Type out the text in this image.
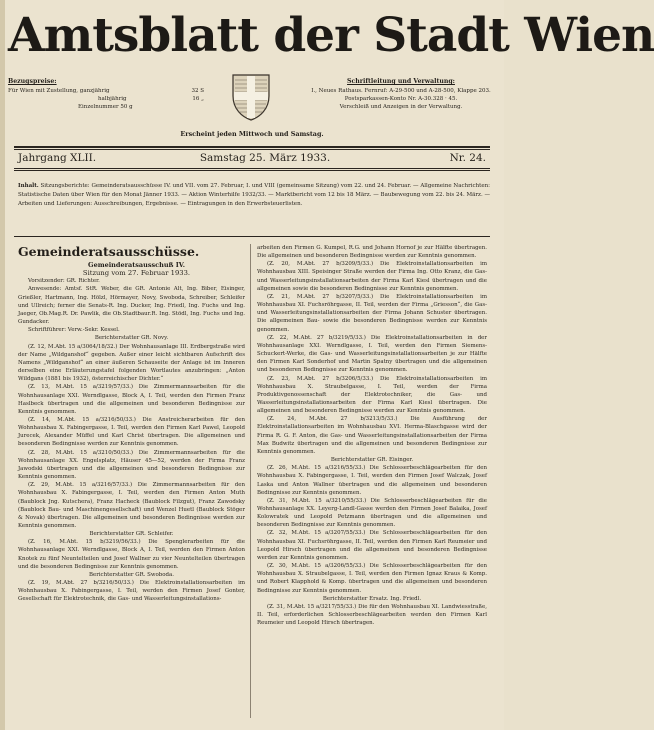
Amtsblatt der Stadt Wien
Bezugspreise:
Für Wien mit Zustellung, ganzjährig	32 S
halbjährig	16 „
Einzelnummer 50 g
Schriftleitung und Verwaltung:
I., Neues Rathaus. Fernruf: A-29-500 und A-28-500, Klappe 203.
Postsparkassen-Konto Nr. A-30.328 · 45.
Verschleiß und Anzeigen in der Verwaltung.
Erscheint jeden Mittwoch und Samstag.
Jahrgang XLII.	Samstag 25. März 1933.	Nr. 24.
Inhalt. Sitzungsberichte: Gemeinderatsausschüsse IV. und VII. vom 27. Februar, I. und VIII (gemeinsame Sitzung) vom 22. und 24. Februar. — Allgemeine Nachrichten: Statistische Daten über Wien für den Monat Jänner 1933. — Aktion Winterhilfe 1932/33. — Marktbericht vom 12 bis 18 März. — Baubewegung vom 22. bis 24. März. — Arbeiten und Lieferungen: Ausschreibungen, Ergebnisse. — Eintragungen in den Erwerbsteuerlisten.
Gemeinderatsausschüsse.

Gemeinderatsausschuß IV.

Sitzung vom 27. Februar 1933.

Vorsitzender: GR. Richter.

Anwesende: Amtsf. StR. Weber, die GR. Antonie Alt, Ing. Biber, Eisinger, Grießler, Hartmann, Ing. Hölzl, Hörmayer, Novy, Swoboda, Schreiber, Schleifer und Ullreich; ferner die Senats-R. Ing. Ducker, Ing. Friedl, Ing. Fuchs und Ing. Jaeger, Ob.Mag.R. Dr. Pawlik, die Ob.Stadtbaur.R. Ing. Stödl, Ing. Fuchs und Ing. Gundacker.

Schriftführer: Verw.-Sekr. Kessel.

Berichterstatter GR. Novy.

(Z. 12, M.Abt. 15 a/3064/18/32.) Der Wohnhausanlage III. Erdbergstraße wird der Name „Wildganshof“ gegeben. Außer einer leicht sichtbaren Aufschrift des Namens „Wildganshof“ an einer äußeren Schauseite der Anlage ist im Inneren derselben eine Erläuterungstafel folgenden Wortlautes anzubringen: „Anton Wildgans (1881 bis 1932), österreichischer Dichter.“

(Z. 13, M.Abt. 15 a/3219/57/33.) Die Zimmermannsarbeiten für die Wohnhausanlage XXI. Werndlgasse, Block A, I. Teil, werden den Firmen Franz Haslbeck übertragen und die allgemeinen und besonderen Bedingnisse zur Kenntnis genommen.

(Z. 14, M.Abt. 15 a/3216/50/33.) Die Anstreicherarbeiten für den Wohnhausbau X. Fabingergasse, I. Teil, werden den Firmen Karl Pawel, Leopold Jurecek, Alexander Müffel und Karl Christ übertragen. Die allgemeinen und besonderen Bedingnisse werden zur Kenntnis genommen.

(Z. 28, M.Abt. 15 a/3210/50/33.) Die Zimmermannsarbeiten für die Wohnhausanlage XX. Engelsplatz, Häuser 45—52, werden der Firma Franz Jawodski übertragen und die allgemeinen und besonderen Bedingnisse zur Kenntnis genommen.

(Z. 29, M.Abt. 15 a/3216/57/33.) Die Zimmermannsarbeiten für den Wohnhausbau X. Fabingergasse, I. Teil, werden den Firmen Anton Muth (Baublock Jng. Kutschera), Franz Hacheck (Baublock Filzgut), Franz Zawodsky (Baublock Bau- und Maschinengesellschaft) und Wenzel Huetl (Baublock Stöger & Novak) übertragen. Die allgemeinen und besonderen Bedingnisse werden zur Kenntnis genommen.

Berichterstatter GR. Schleifer.

(Z. 16, M.Abt. 15 b/3219/56/33.) Die Spenglerarbeiten für die Wohnhausanlage XXI. Werndlgasse, Block A, I. Teil, werden den Firmen Anton Knotek zu fünf Neuntelteilen und Josef Wallner zu vier Neuntelteilen übertragen und die besonderen Bedingnisse zur Kenntnis genommen.

Berichterstatter GR. Swoboda.

(Z. 19, M.Abt. 27 b/3216/50/33.) Die Elektroinstallationsarbeiten im Wohnhausbau X. Fabingergasse, I. Teil, werden den Firmen Josef Gonter, Gesellschaft für Elektrotechnik, die Gas- und Wasserleitungsinstallations-

arbeiten den Firmen G. Kumpel, R.G. und Johann Hornof je zur Hälfte übertragen. Die allgemeinen und besonderen Bedingnisse werden zur Kenntnis genommen.

(Z. 20, M.Abt. 27 b/3209/5/33.) Die Elektroinstallationsarbeiten im Wohnhausbau XIII. Speisinger Straße werden der Firma Ing. Otto Kranz, die Gas- und Wasserleitungsinstallationsarbeiten der Firma Karl Kiesl übertragen und die allgemeinen sowie die besonderen Bedingnisse zur Kenntnis genommen.

(Z. 21, M.Abt. 27 b/3207/5/33.) Die Elektroinstallationsarbeiten im Wohnhausbau XI. Fuchsröhrgasse, II. Teil, werden der Firma „Griesson“, die Gas- und Wasserleitungsinstallationsarbeiten der Firma Johann Schuster übertragen. Die allgemeinen Bau- sowie die besonderen Bedingnisse werden zur Kenntnis genommen.

(Z. 22, M.Abt. 27 b/3219/5/33.) Die Elektroinstallationsarbeiten in der Wohnhausanlage XXI. Werndlgasse, I. Teil, werden den Firmen Siemens-Schuckert-Werke, die Gas- und Wasserleitungsinstallationsarbeiten je zur Hälfte den Firmen Karl Sonderhof und Martin Spatny übertragen und die allgemeinen und besonderen Bedingnisse zur Kenntnis genommen.

(Z. 23, M.Abt. 27 b/3206/5/33.) Die Elektroinstallationsarbeiten im Wohnhausbau X. Straubelgasse, I. Teil, werden der Firma Produktivgenossenschaft der Elektrotechniker, die Gas- und Wasserleitungsinstallationsarbeiten der Firma Karl Kiesl übertragen. Die allgemeinen und besonderen Bedingnisse werden zur Kenntnis genommen.

(Z. 24, M.Abt. 27 b/3213/5/33.) Die Ausführung der Elektroinstallationsarbeiten im Wohnhausbau XVI. Herma-Blaschgasse wird der Firma R. G. F. Anton, die Gas- und Wasserleitungsinstallationsarbeiten der Firma Max Budwitz übertragen und die allgemeinen und besonderen Bedingnisse zur Kenntnis genommen.

Berichterstatter GR. Eisinger.

(Z. 26, M.Abt. 15 a/3216/55/33.) Die Schlosserbeschlägearbeiten für den Wohnhausbau X. Fabingergasse, I. Teil, werden den Firmen Josef Walczak, Josef Laska und Anton Wallner übertragen und die allgemeinen und besonderen Bedingnisse zur Kenntnis genommen.

(Z. 31, M.Abt. 15 a/3210/55/33.) Die Schlosserbeschlägearbeiten für die Wohnhausanlage XX. Leyerg-Landl-Gasse werden den Firmen Josef Balaika, Josef Kolowratek und Leopold Petzmann übertragen und die allgemeinen und besonderen Bedingnisse zur Kenntnis genommen.

(Z. 32, M.Abt. 15 a/3207/55/33.) Die Schlosserbeschlägearbeiten für den Wohnhausbau XI. Fuchsröhrgasse, II. Teil, werden den Firmen Karl Reumeier und Leopold Hirsch übertragen und die allgemeinen und besonderen Bedingnisse werden zur Kenntnis genommen.

(Z. 30, M.Abt. 15 a/3206/55/33.) Die Schlosserbeschlägearbeiten für den Wohnhausbau X. Straubelgasse, I. Teil, werden den Firmen Ignaz Kraus & Komp. und Robert Klapphold & Komp. übertragen und die allgemeinen und besonderen Bedingnisse zur Kenntnis genommen.

Berichterstatter Ersatz. Ing. Friedl.

(Z. 31, M.Abt. 15 a/3217/55/33.) Die für den Wohnhausbau XI. Landwiesstraße, II. Teil, erforderlichen Schlosserbeschlägearbeiten werden den Firmen Karl Reumeier und Leopold Hirsch übertragen.
